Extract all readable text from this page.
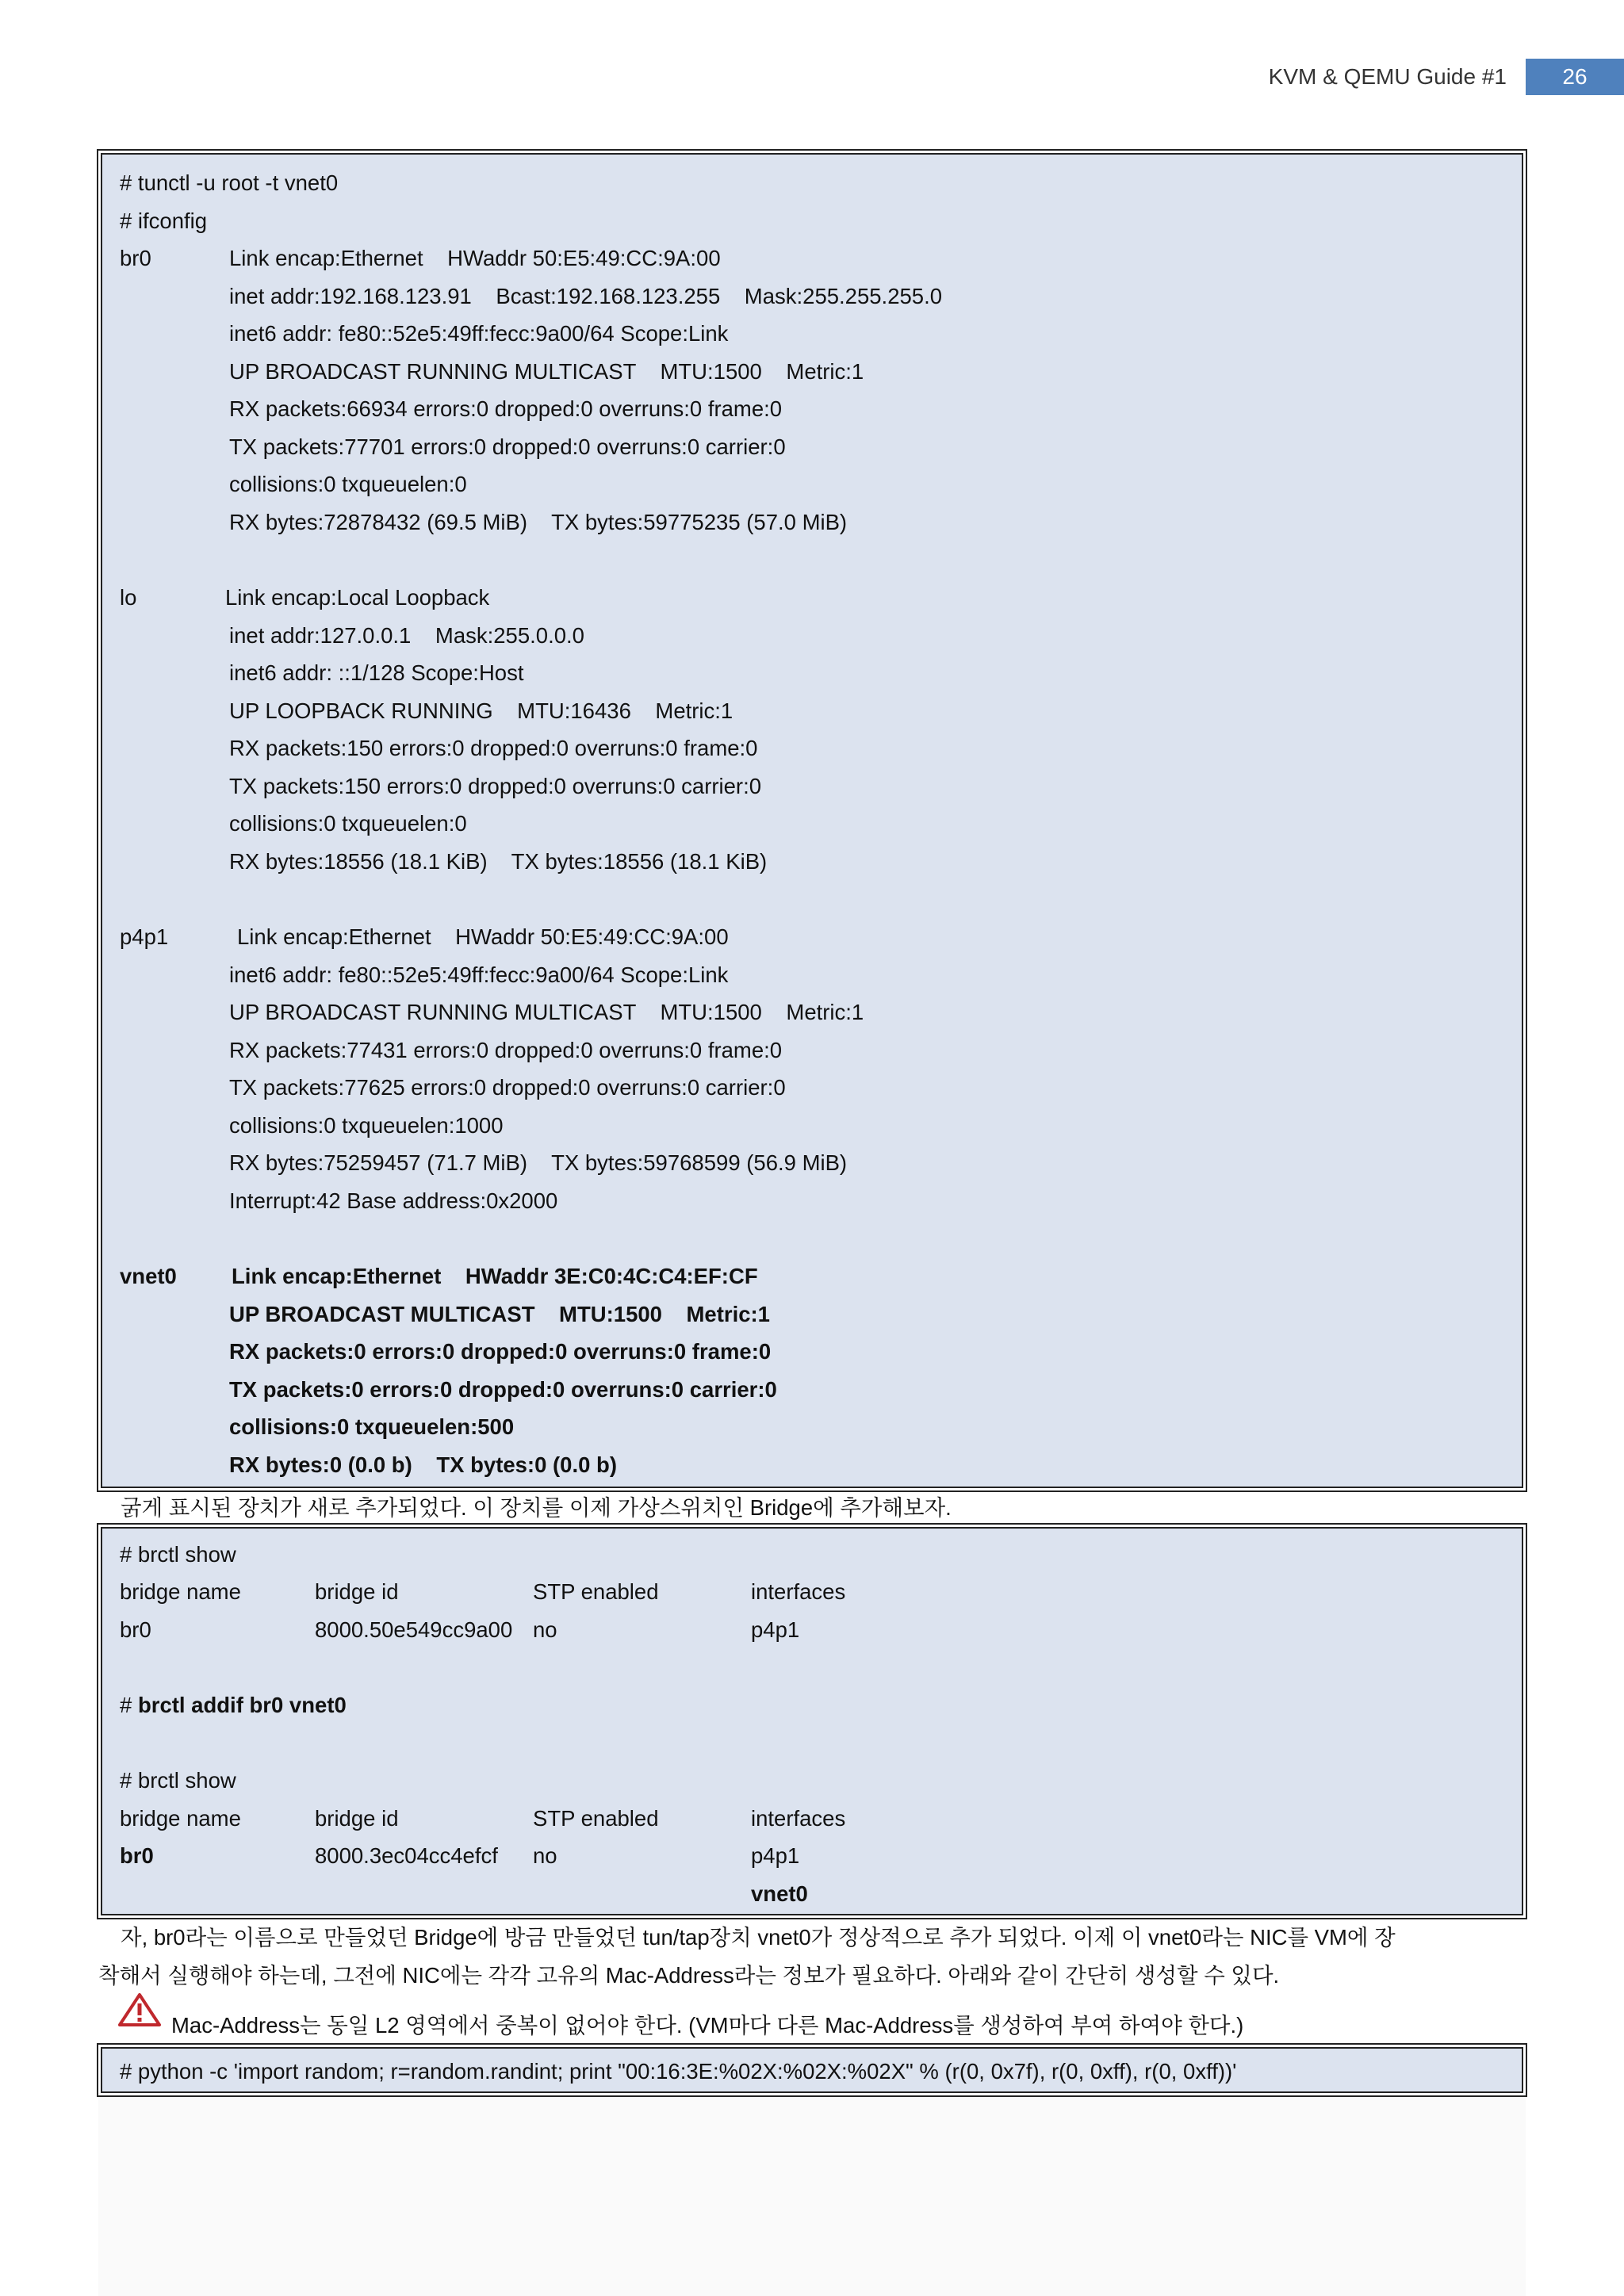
KVM & QEMU Guide #1	26
# tunctl -u root -t vnet0
# ifconfig
br0	Link encap:Ethernet    HWaddr 50:E5:49:CC:9A:00
inet addr:192.168.123.91    Bcast:192.168.123.255    Mask:255.255.255.0
inet6 addr: fe80::52e5:49ff:fecc:9a00/64 Scope:Link
UP BROADCAST RUNNING MULTICAST    MTU:1500    Metric:1
RX packets:66934 errors:0 dropped:0 overruns:0 frame:0
TX packets:77701 errors:0 dropped:0 overruns:0 carrier:0
collisions:0 txqueuelen:0
RX bytes:72878432 (69.5 MiB)    TX bytes:59775235 (57.0 MiB)
lo	Link encap:Local Loopback
inet addr:127.0.0.1    Mask:255.0.0.0
inet6 addr: ::1/128 Scope:Host
UP LOOPBACK RUNNING    MTU:16436    Metric:1
RX packets:150 errors:0 dropped:0 overruns:0 frame:0
TX packets:150 errors:0 dropped:0 overruns:0 carrier:0
collisions:0 txqueuelen:0
RX bytes:18556 (18.1 KiB)    TX bytes:18556 (18.1 KiB)
p4p1	Link encap:Ethernet    HWaddr 50:E5:49:CC:9A:00
inet6 addr: fe80::52e5:49ff:fecc:9a00/64 Scope:Link
UP BROADCAST RUNNING MULTICAST    MTU:1500    Metric:1
RX packets:77431 errors:0 dropped:0 overruns:0 frame:0
TX packets:77625 errors:0 dropped:0 overruns:0 carrier:0
collisions:0 txqueuelen:1000
RX bytes:75259457 (71.7 MiB)    TX bytes:59768599 (56.9 MiB)
Interrupt:42 Base address:0x2000
vnet0	Link encap:Ethernet    HWaddr 3E:C0:4C:C4:EF:CF
UP BROADCAST MULTICAST    MTU:1500    Metric:1
RX packets:0 errors:0 dropped:0 overruns:0 frame:0
TX packets:0 errors:0 dropped:0 overruns:0 carrier:0
collisions:0 txqueuelen:500
RX bytes:0 (0.0 b)    TX bytes:0 (0.0 b)
굵게 표시된 장치가 새로 추가되었다. 이 장치를 이제 가상스위치인 Bridge에 추가해보자.
# brctl show
bridge name	bridge id	STP enabled	interfaces
br0	8000.50e549cc9a00 no	p4p1
# brctl addif br0 vnet0
# brctl show
bridge name	bridge id	STP enabled	interfaces
br0	8000.3ec04cc4efcf no	p4p1
vnet0
자, br0라는 이름으로 만들었던 Bridge에 방금 만들었던 tun/tap장치 vnet0가 정상적으로 추가 되었다. 이제 이 vnet0라는 NIC를 VM에 장
착해서 실행해야 하는데, 그전에 NIC에는 각각 고유의 Mac-Address라는 정보가 필요하다. 아래와 같이 간단히 생성할 수 있다.
Mac-Address는 동일 L2 영역에서 중복이 없어야 한다. (VM마다 다른 Mac-Address를 생성하여 부여 하여야 한다.)
# python -c 'import random; r=random.randint; print "00:16:3E:%02X:%02X:%02X" % (r(0, 0x7f), r(0, 0xff), r(0, 0xff))'
